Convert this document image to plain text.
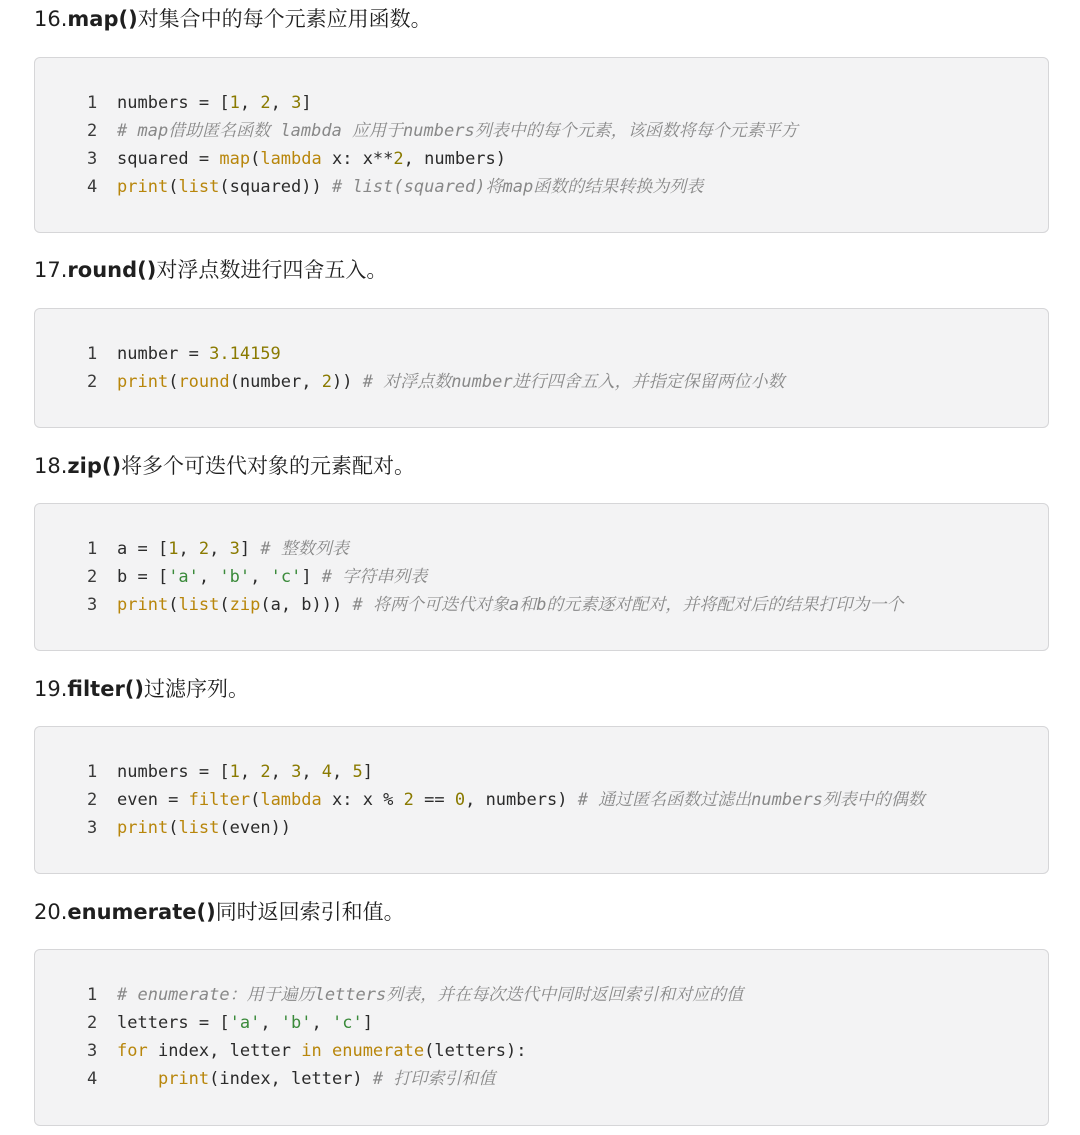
16.map()对集合中的每个元素应用函数。
1 numbers = [1, 2, 3]
2 # map借助匿名函数 lambda 应用于numbers列表中的每个元素，该函数将每个元素平方
3 squared = map(lambda x: x**2, numbers)
4 print(list(squared)) # list(squared)将map函数的结果转换为列表
17.round()对浮点数进行四舍五入。
1 number = 3.14159
2 print(round(number, 2)) # 对浮点数number进行四舍五入，并指定保留两位小数
18.zip()将多个可迭代对象的元素配对。
1 a = [1, 2, 3] # 整数列表
2 b = ['a', 'b', 'c'] # 字符串列表
3 print(list(zip(a, b))) # 将两个可迭代对象a和b的元素逐对配对，并将配对后的结果打印为一个
19.filter()过滤序列。
1 numbers = [1, 2, 3, 4, 5]
2 even = filter(lambda x: x % 2 == 0, numbers) # 通过匿名函数过滤出numbers列表中的偶数
3 print(list(even))
20.enumerate()同时返回索引和值。
1 # enumerate：用于遍历letters列表，并在每次迭代中同时返回索引和对应的值
2 letters = ['a', 'b', 'c']
3 for index, letter in enumerate(letters):
4	print(index, letter) # 打印索引和值
